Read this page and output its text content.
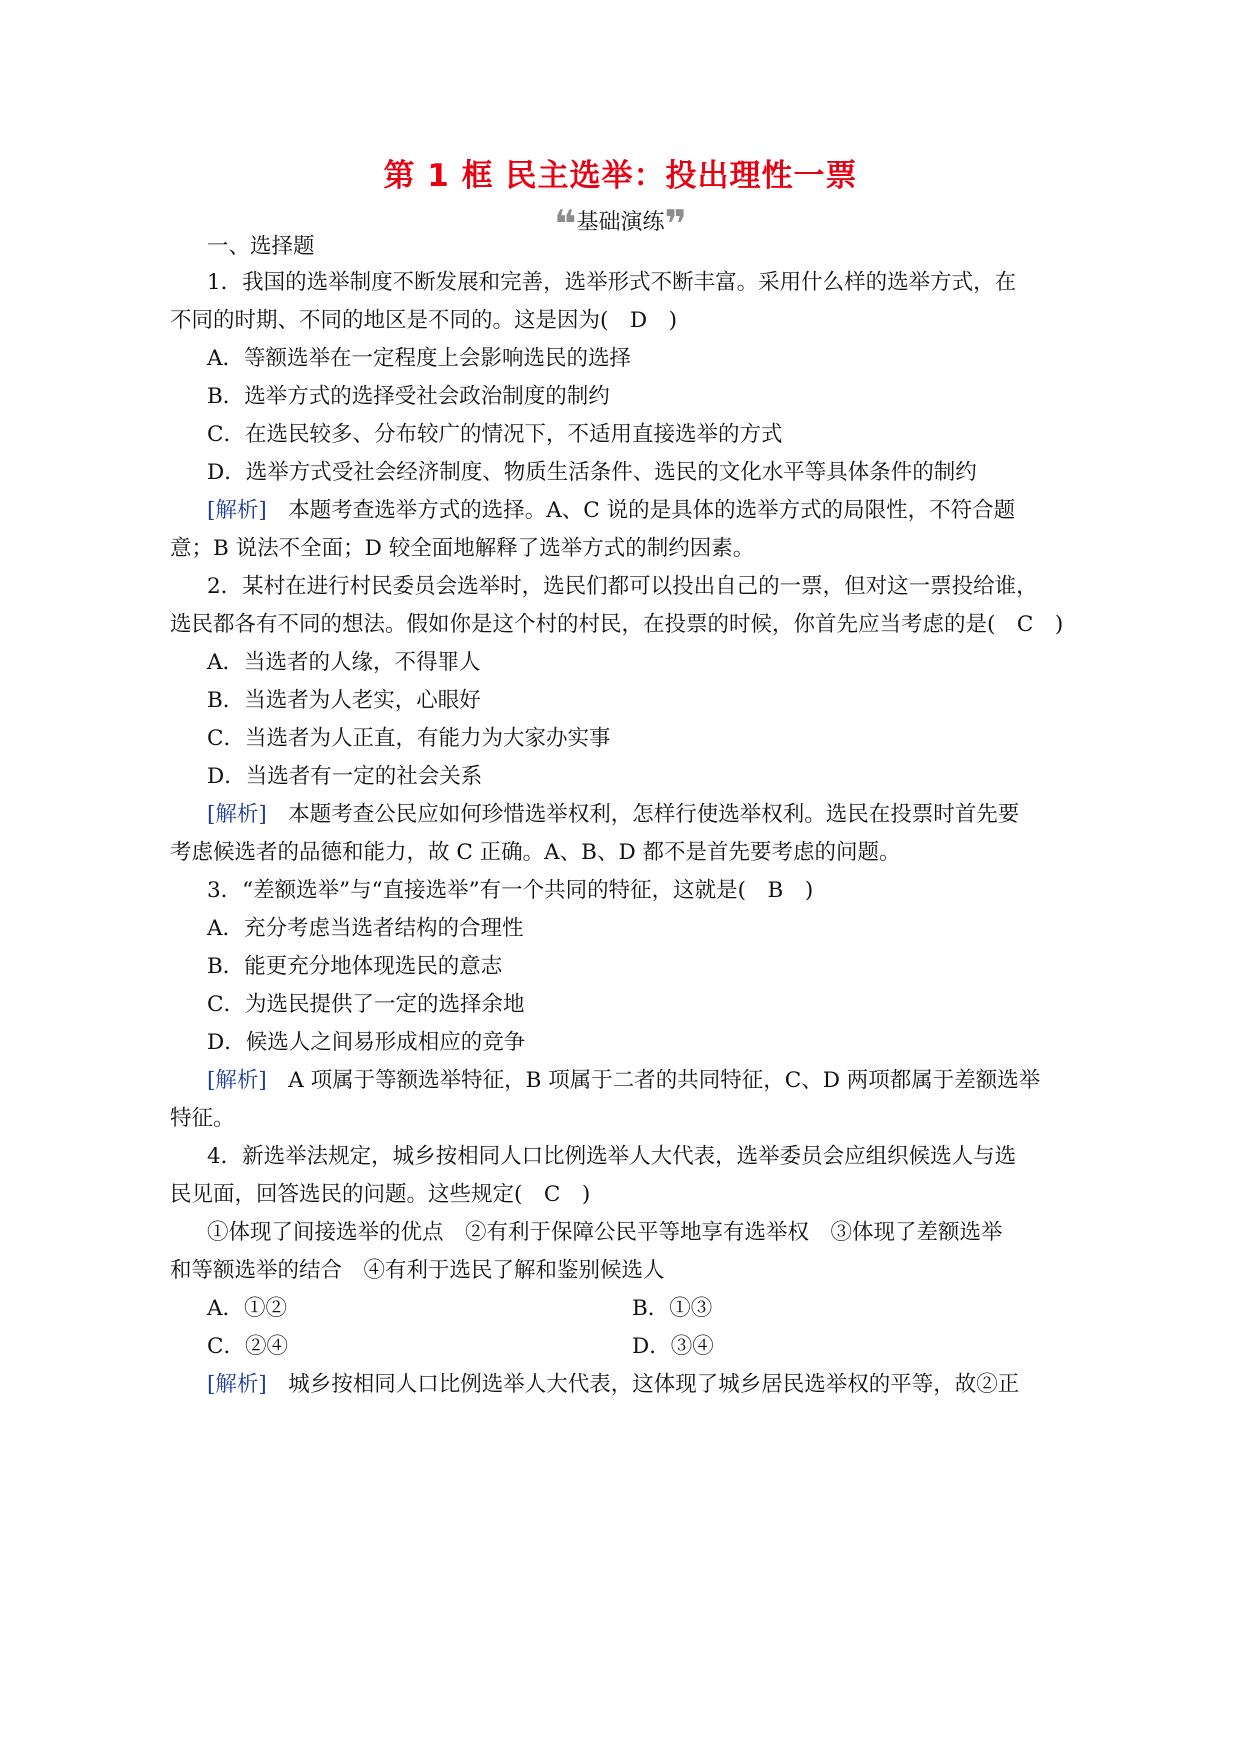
第 1 框 民主选举：投出理性一票
❝基础演练❞
一、选择题
1．我国的选举制度不断发展和完善，选举形式不断丰富。采用什么样的选举方式，在
不同的时期、不同的地区是不同的。这是因为(　D　)
A．等额选举在一定程度上会影响选民的选择
B．选举方式的选择受社会政治制度的制约
C．在选民较多、分布较广的情况下，不适用直接选举的方式
D．选举方式受社会经济制度、物质生活条件、选民的文化水平等具体条件的制约
[解析]　本题考查选举方式的选择。A、C 说的是具体的选举方式的局限性，不符合题
意；B 说法不全面；D 较全面地解释了选举方式的制约因素。
2．某村在进行村民委员会选举时，选民们都可以投出自己的一票，但对这一票投给谁，
选民都各有不同的想法。假如你是这个村的村民，在投票的时候，你首先应当考虑的是(　C　)
A．当选者的人缘，不得罪人
B．当选者为人老实，心眼好
C．当选者为人正直，有能力为大家办实事
D．当选者有一定的社会关系
[解析]　本题考查公民应如何珍惜选举权利，怎样行使选举权利。选民在投票时首先要
考虑候选者的品德和能力，故 C 正确。A、B、D 都不是首先要考虑的问题。
3．“差额选举”与“直接选举”有一个共同的特征，这就是(　B　)
A．充分考虑当选者结构的合理性
B．能更充分地体现选民的意志
C．为选民提供了一定的选择余地
D．候选人之间易形成相应的竞争
[解析]　A 项属于等额选举特征，B 项属于二者的共同特征，C、D 两项都属于差额选举
特征。
4．新选举法规定，城乡按相同人口比例选举人大代表，选举委员会应组织候选人与选
民见面，回答选民的问题。这些规定(　C　)
①体现了间接选举的优点　②有利于保障公民平等地享有选举权　③体现了差额选举
和等额选举的结合　④有利于选民了解和鉴别候选人
A．①②	B．①③
C．②④	D．③④
[解析]　城乡按相同人口比例选举人大代表，这体现了城乡居民选举权的平等，故②正
